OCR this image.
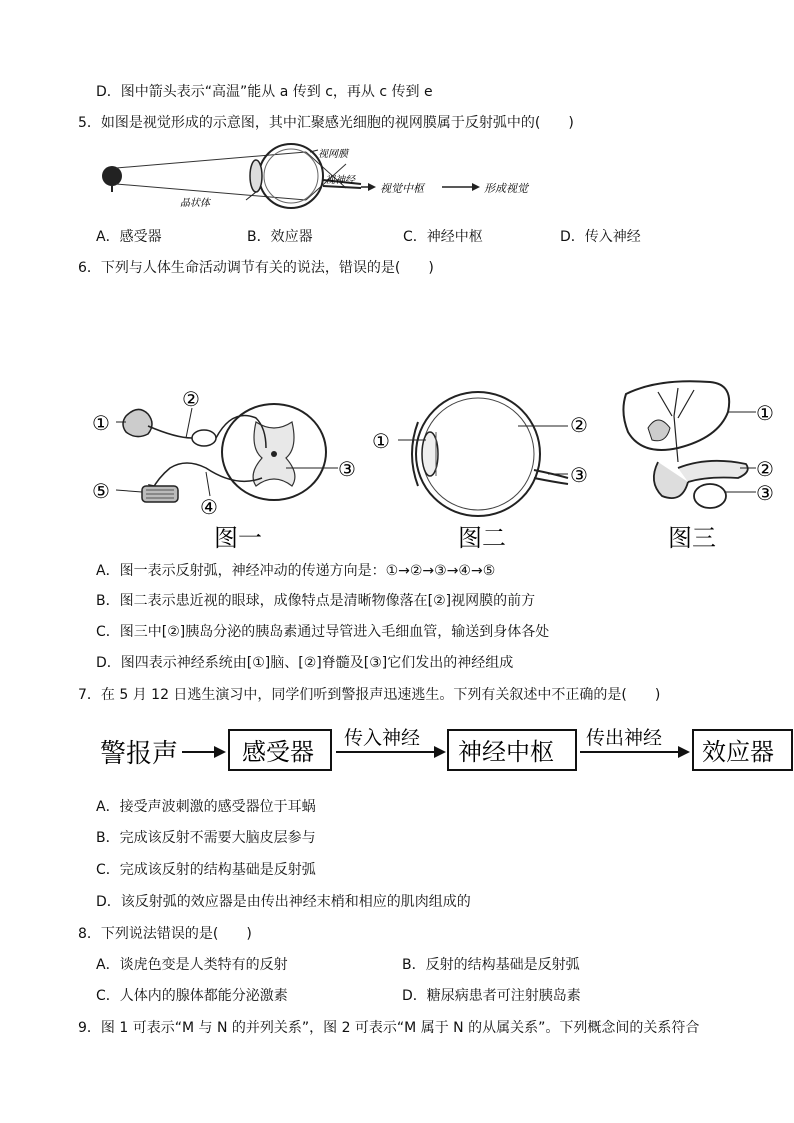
D．图中箭头表示“高温”能从 a 传到 c，再从 c 传到 e
5．如图是视觉形成的示意图，其中汇聚感光细胞的视网膜属于反射弧中的(　　)
视网膜
视神经
晶状体
视觉中枢	形成视觉
A．感受器	B．效应器	C．神经中枢	D．传入神经
6．下列与人体生命活动调节有关的说法，错误的是(　　)
①
②
③
④
⑤
图一
①
②
③
图二
①
②
③
图三
A．图一表示反射弧，神经冲动的传递方向是：①→②→③→④→⑤
B．图二表示患近视的眼球，成像特点是清晰物像落在[②]视网膜的前方
C．图三中[②]胰岛分泌的胰岛素通过导管进入毛细血管，输送到身体各处
D．图四表示神经系统由[①]脑、[②]脊髓及[③]它们发出的神经组成
7．在 5 月 12 日逃生演习中，同学们听到警报声迅速逃生。下列有关叙述中不正确的是(　　)
警报声	感受器 传入神经 神经中枢 传出神经 效应器
A．接受声波刺激的感受器位于耳蜗
B．完成该反射不需要大脑皮层参与
C．完成该反射的结构基础是反射弧
D．该反射弧的效应器是由传出神经末梢和相应的肌肉组成的
8．下列说法错误的是(　　)
A．谈虎色变是人类特有的反射	B．反射的结构基础是反射弧
C．人体内的腺体都能分泌激素	D．糖尿病患者可注射胰岛素
9．图 1 可表示“M 与 N 的并列关系”，图 2 可表示“M 属于 N 的从属关系”。下列概念间的关系符合
